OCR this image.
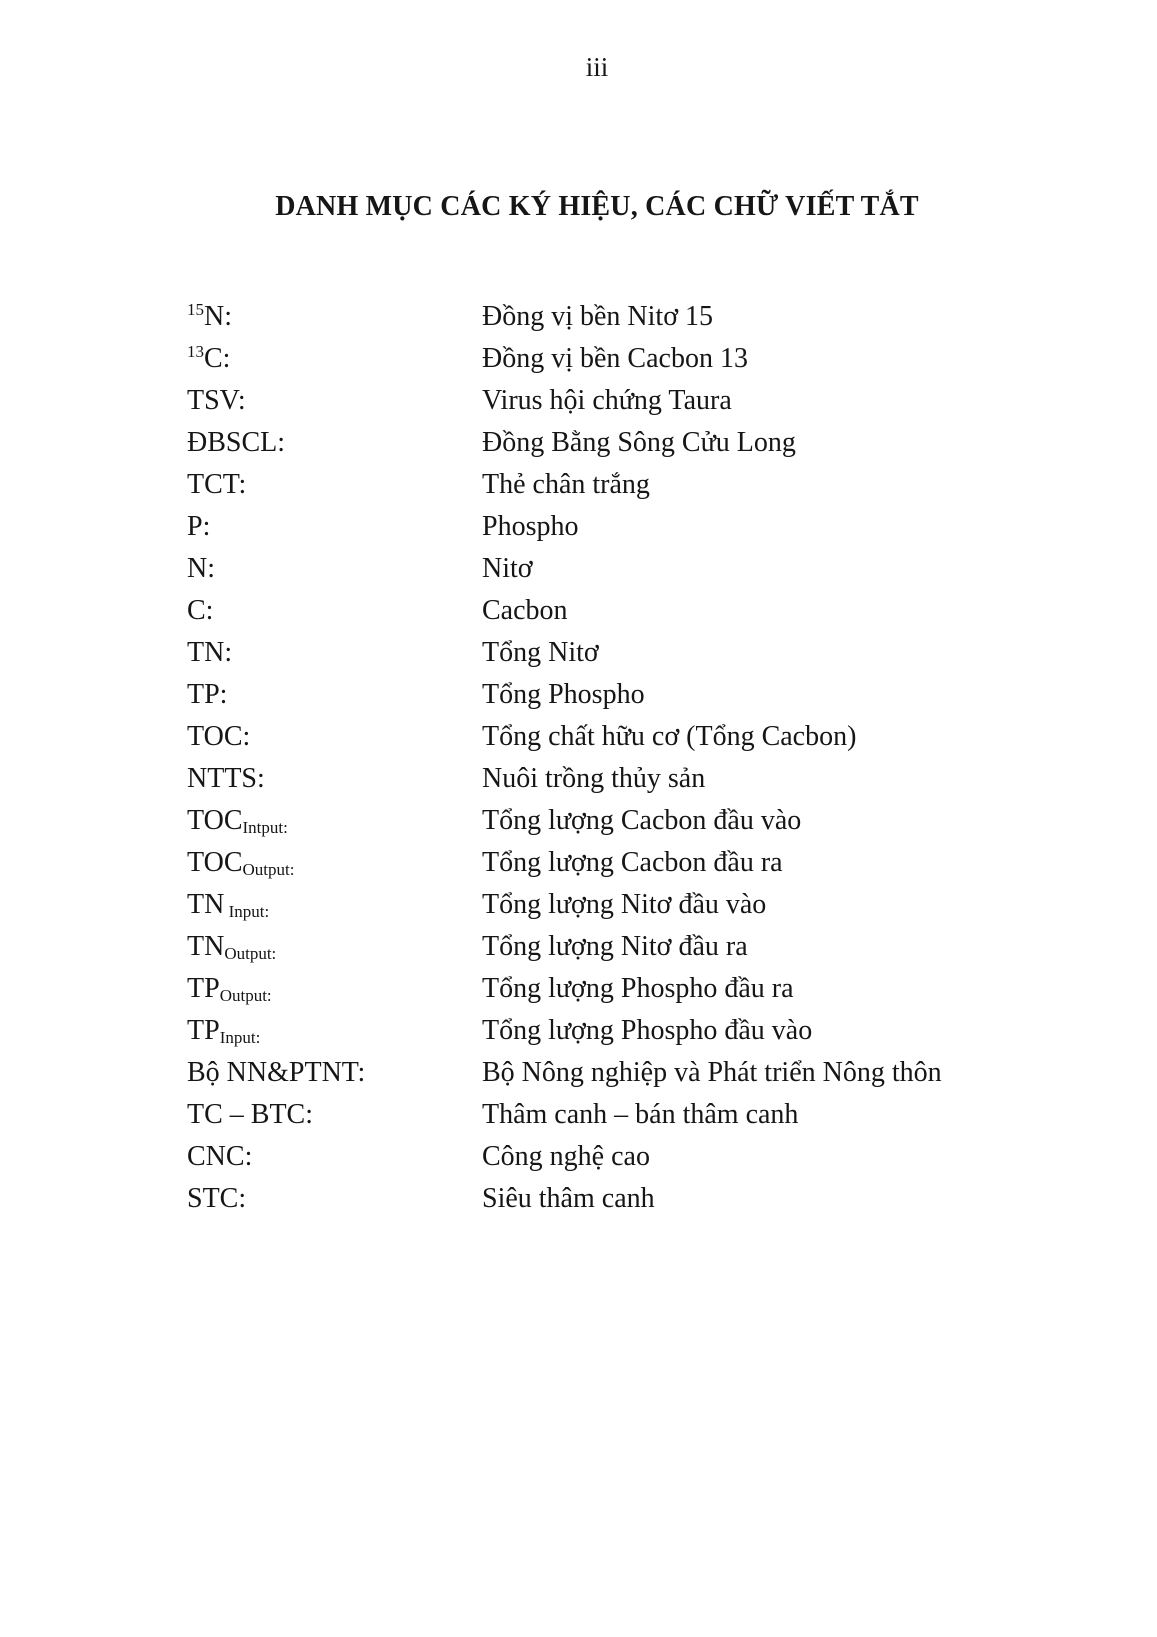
iii
DANH MỤC CÁC KÝ HIỆU, CÁC CHỮ VIẾT TẮT
$^{15}$N:	Đồng vị bền Nitơ 15
$^{13}$C:	Đồng vị bền Cacbon 13
TSV:	Virus hội chứng Taura
ĐBSCL:	Đồng Bằng Sông Cửu Long
TCT:	Thẻ chân trắng
P:	Phospho
N:	Nitơ
C:	Cacbon
TN:	Tổng Nitơ
TP:	Tổng Phospho
TOC:	Tổng chất hữu cơ (Tổng Cacbon)
NTTS:	Nuôi trồng thủy sản
$TOC_{Intput:}$	Tổng lượng Cacbon đầu vào
$TOC_{Output:}$	Tổng lượng Cacbon đầu ra
TN $_{Input:}$	Tổng lượng Nitơ đầu vào
$TN_{Output:}$	Tổng lượng Nitơ đầu ra
$TP_{Output:}$	Tổng lượng Phospho đầu ra
$TP_{Input:}$	Tổng lượng Phospho đầu vào
Bộ NN&PTNT:	Bộ Nông nghiệp và Phát triển Nông thôn
TC – BTC:	Thâm canh – bán thâm canh
CNC:	Công nghệ cao
STC:	Siêu thâm canh
